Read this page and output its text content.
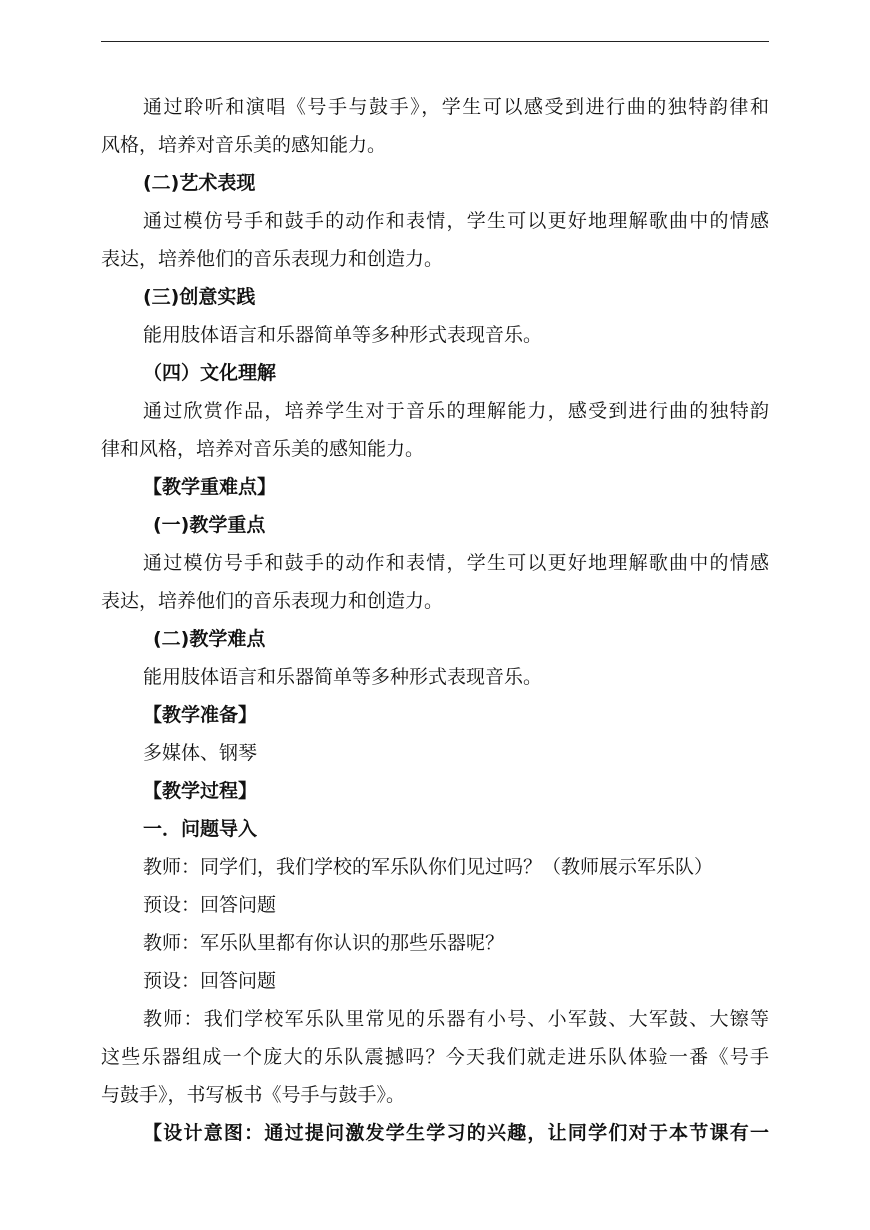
通过聆听和演唱《号手与鼓手》，学生可以感受到进行曲的独特韵律和
风格，培养对音乐美的感知能力。
(二)艺术表现
通过模仿号手和鼓手的动作和表情，学生可以更好地理解歌曲中的情感
表达，培养他们的音乐表现力和创造力。
(三)创意实践
能用肢体语言和乐器简单等多种形式表现音乐。
（四）文化理解
通过欣赏作品，培养学生对于音乐的理解能力，感受到进行曲的独特韵
律和风格，培养对音乐美的感知能力。
【教学重难点】
(一)教学重点
通过模仿号手和鼓手的动作和表情，学生可以更好地理解歌曲中的情感
表达，培养他们的音乐表现力和创造力。
(二)教学难点
能用肢体语言和乐器简单等多种形式表现音乐。
【教学准备】
多媒体、钢琴
【教学过程】
一．问题导入
教师：同学们，我们学校的军乐队你们见过吗？（教师展示军乐队）
预设：回答问题
教师：军乐队里都有你认识的那些乐器呢？
预设：回答问题
教师：我们学校军乐队里常见的乐器有小号、小军鼓、大军鼓、大镲等
这些乐器组成一个庞大的乐队震撼吗？今天我们就走进乐队体验一番《号手
与鼓手》，书写板书《号手与鼓手》。
【设计意图：通过提问激发学生学习的兴趣，让同学们对于本节课有一
